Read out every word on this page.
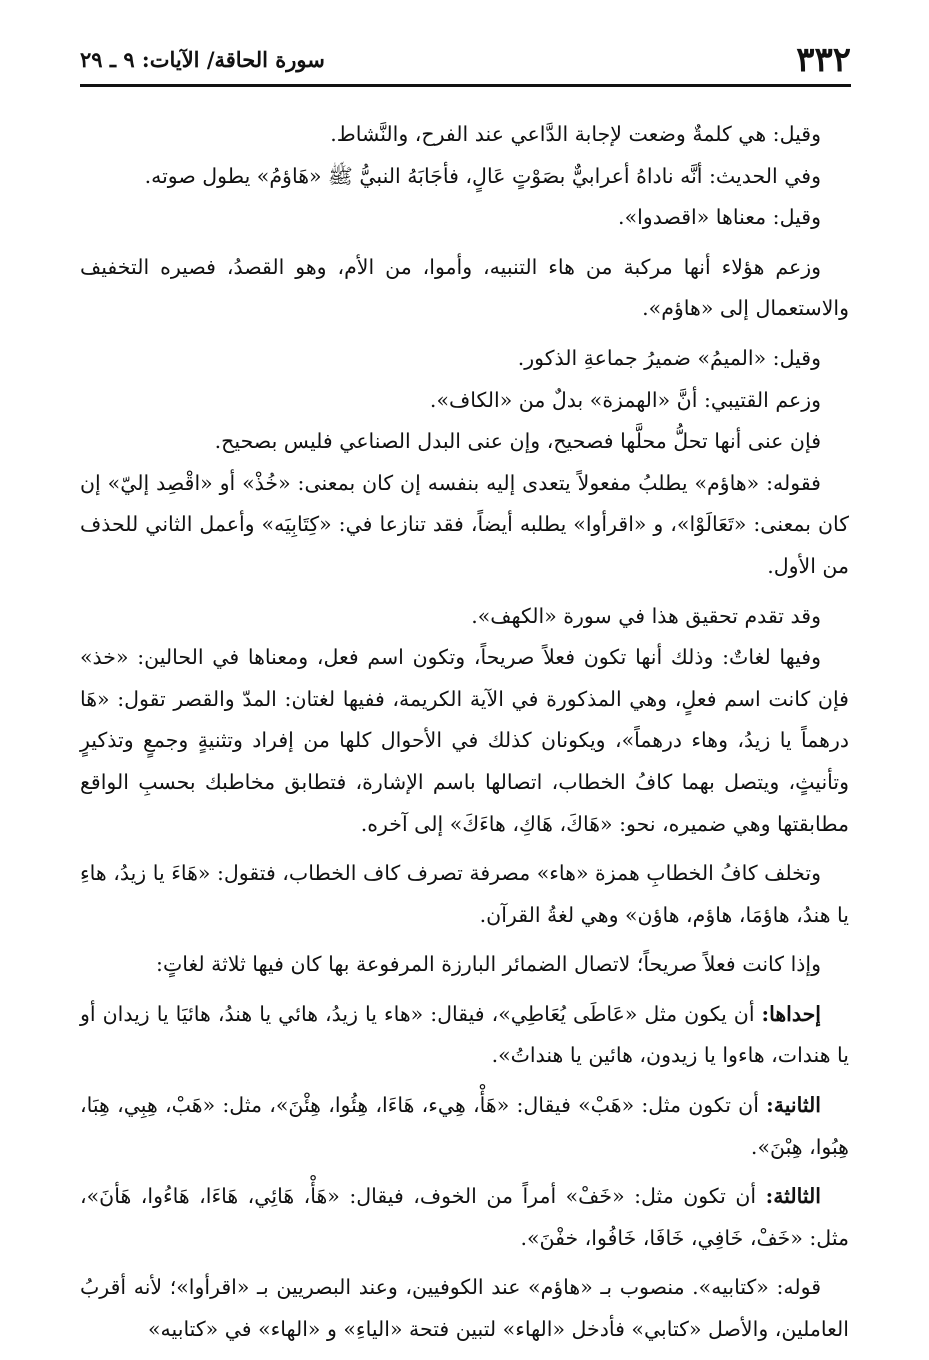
٣٣٢
سورة الحاقة/ الآيات: ٩ ـ ٢٩

وقيل: هي كلمةٌ وضعت لإجابة الدَّاعي عند الفرح، والنَّشاط.

وفي الحديث: أنَّه ناداهُ أعرابيٌّ بصَوْتٍ عَالٍ، فأجَابَهُ النبيُّ ﷺ «هَاؤمُ» يطول صوته.

وقيل: معناها «اقصدوا».

وزعم هؤلاء أنها مركبة من هاء التنبيه، وأموا، من الأم، وهو القصدُ، فصيره التخفيف والاستعمال إلى «هاؤم».

وقيل: «الميمُ» ضميرُ جماعةِ الذكور.

وزعم القتيبي: أنَّ «الهمزة» بدلٌ من «الكاف».

فإن عنى أنها تحلُّ محلَّها فصحيح، وإن عنى البدل الصناعي فليس بصحيح.

فقوله: «هاؤم» يطلبُ مفعولاً يتعدى إليه بنفسه إن كان بمعنى: «خُذْ» أو «اقْصِد إليّ» إن كان بمعنى: «تَعَالَوْا»، و «اقرأوا» يطلبه أيضاً، فقد تنازعا في: «كِتَابِيَه» وأعمل الثاني للحذف من الأول.

وقد تقدم تحقيق هذا في سورة «الكهف».

وفيها لغاتٌ: وذلك أنها تكون فعلاً صريحاً، وتكون اسم فعل، ومعناها في الحالين: «خذ» فإن كانت اسم فعلٍ، وهي المذكورة في الآية الكريمة، ففيها لغتان: المدّ والقصر تقول: «هَا درهماً يا زيدُ، وهاء درهماً»، ويكونان كذلك في الأحوال كلها من إفراد وتثنيةٍ وجمعٍ وتذكيرٍ وتأنيثٍ، ويتصل بهما كافُ الخطاب، اتصالها باسم الإشارة، فتطابق مخاطبك بحسبِ الواقع مطابقتها وهي ضميره، نحو: «هَاكَ، هَاكِ، هاءَكَ» إلى آخره.

وتخلف كافُ الخطابِ همزة «هاء» مصرفة تصرف كاف الخطاب، فتقول: «هَاءَ يا زيدُ، هاءِ يا هندُ، هاؤمَا، هاؤم، هاؤن» وهي لغةُ القرآن.

وإذا كانت فعلاً صريحاً؛ لاتصال الضمائر البارزة المرفوعة بها كان فيها ثلاثة لغاتٍ:

إحداها: أن يكون مثل «عَاطَى يُعَاطِي»، فيقال: «هاء يا زيدُ، هائي يا هندُ، هائيَا يا زيدان أو يا هندات، هاءوا يا زيدون، هائين يا هنداتُ».

الثانية: أن تكون مثل: «هَبْ» فيقال: «هَأْ، هِيء، هَاءَا، هِئُوا، هِئْنَ»، مثل: «هَبْ، هِبِي، هِبَا، هِبُوا، هِبْنَ».

الثالثة: أن تكون مثل: «خَفْ» أمراً من الخوف، فيقال: «هَأْ، هَائِي، هَاءَا، هَاءُوا، هَأنَ»، مثل: «خَفْ، خَافِي، خَافَا، خَافُوا، خفْنَ».

قوله: «كتابيه». منصوب بـ «هاؤم» عند الكوفيين، وعند البصريين بـ «اقرأوا»؛ لأنه أقربُ العاملين، والأصل «كتابي» فأدخل «الهاء» لتبين فتحة «الياءِ» و «الهاء» في «كتابيه»
